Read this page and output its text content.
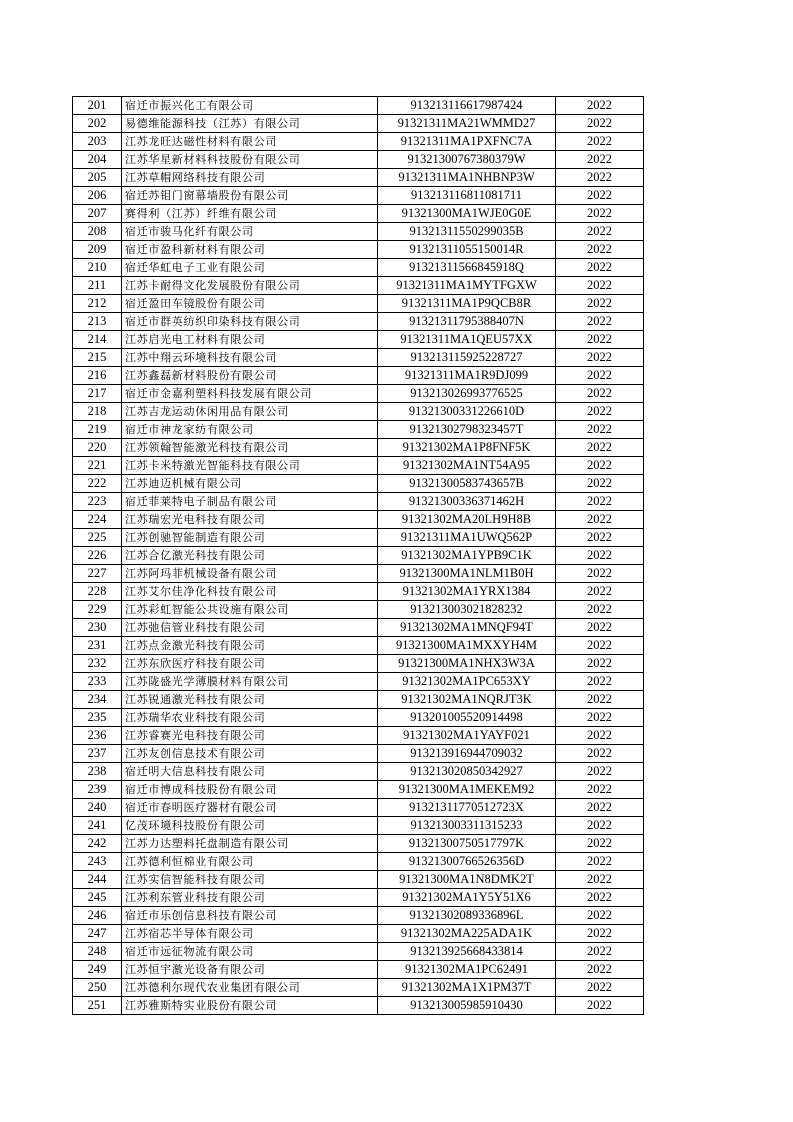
201	宿迁市振兴化工有限公司	913213116617987424	2022
202	易德维能源科技（江苏）有限公司	91321311MA21WMMD27	2022
203	江苏龙旺达磁性材料有限公司	91321311MA1PXFNC7A	2022
204	江苏华星新材料科技股份有限公司	91321300767380379W	2022
205	江苏草帽网络科技有限公司	91321311MA1NHBNP3W	2022
206	宿迁苏钼门窗幕墙股份有限公司	913213116811081711	2022
207	赛得利（江苏）纤维有限公司	91321300MA1WJE0G0E	2022
208	宿迁市骏马化纤有限公司	91321311550299035B	2022
209	宿迁市盈科新材料有限公司	91321311055150014R	2022
210	宿迁华虹电子工业有限公司	91321311566845918Q	2022
211	江苏卡耐得文化发展股份有限公司	91321311MA1MYTFGXW	2022
212	宿迁盈田车镜股份有限公司	91321311MA1P9QCB8R	2022
213	宿迁市群英纺织印染科技有限公司	91321311795388407N	2022
214	江苏启光电工材料有限公司	91321311MA1QEU57XX	2022
215	江苏中翔云环境科技有限公司	913213115925228727	2022
216	江苏鑫磊新材料股份有限公司	91321311MA1R9DJ099	2022
217	宿迁市金嘉利塑料科技发展有限公司	913213026993776525	2022
218	江苏吉龙运动休闲用品有限公司	91321300331226610D	2022
219	宿迁市神龙家纺有限公司	91321302798323457T	2022
220	江苏领翰智能激光科技有限公司	91321302MA1P8FNF5K	2022
221	江苏卡米特激光智能科技有限公司	91321302MA1NT54A95	2022
222	江苏迪迈机械有限公司	91321300583743657B	2022
223	宿迁菲莱特电子制品有限公司	91321300336371462H	2022
224	江苏瑞宏光电科技有限公司	91321302MA20LH9H8B	2022
225	江苏创驰智能制造有限公司	91321311MA1UWQ562P	2022
226	江苏合亿激光科技有限公司	91321302MA1YPB9C1K	2022
227	江苏阿玛菲机械设备有限公司	91321300MA1NLM1B0H	2022
228	江苏艾尔佳净化科技有限公司	91321302MA1YRX1384	2022
229	江苏彩虹智能公共设施有限公司	913213003021828232	2022
230	江苏弛信管业科技有限公司	91321302MA1MNQF94T	2022
231	江苏点金激光科技有限公司	91321300MA1MXXYH4M	2022
232	江苏东欣医疗科技有限公司	91321300MA1NHX3W3A	2022
233	江苏陇盛光学薄膜材料有限公司	91321302MA1PC653XY	2022
234	江苏锐通激光科技有限公司	91321302MA1NQRJT3K	2022
235	江苏瑞华农业科技有限公司	913201005520914498	2022
236	江苏睿赛光电科技有限公司	91321302MA1YAYF021	2022
237	江苏友创信息技术有限公司	913213916944709032	2022
238	宿迁明大信息科技有限公司	913213020850342927	2022
239	宿迁市博成科技股份有限公司	91321300MA1MEKEM92	2022
240	宿迁市春明医疗器材有限公司	91321311770512723X	2022
241	亿茂环境科技股份有限公司	913213003311315233	2022
242	江苏力达塑料托盘制造有限公司	91321300750517797K	2022
243	江苏德利恒棉业有限公司	91321300766526356D	2022
244	江苏实信智能科技有限公司	91321300MA1N8DMK2T	2022
245	江苏利东管业科技有限公司	91321302MA1Y5Y51X6	2022
246	宿迁市乐创信息科技有限公司	91321302089336896L	2022
247	江苏宿芯半导体有限公司	91321302MA225ADA1K	2022
248	宿迁市远征物流有限公司	913213925668433814	2022
249	江苏恒宇激光设备有限公司	91321302MA1PC62491	2022
250	江苏德利尔现代农业集团有限公司	91321302MA1X1PM37T	2022
251	江苏雅斯特实业股份有限公司	913213005985910430	2022
